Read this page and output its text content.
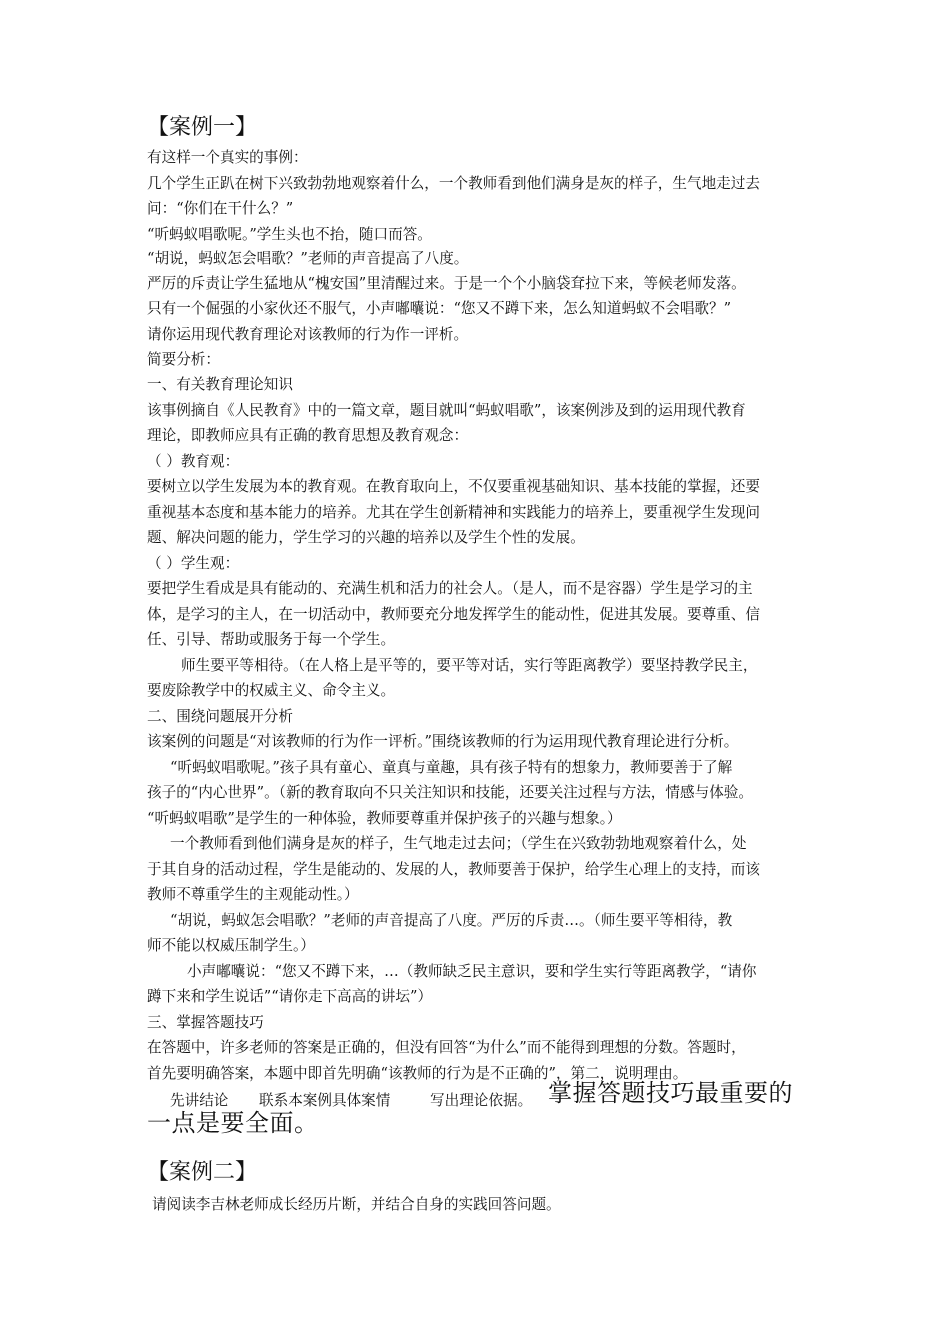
【案例一】
有这样一个真实的事例：
几个学生正趴在树下兴致勃勃地观察着什么，一个教师看到他们满身是灰的样子，生气地走过去
问：“你们在干什么？”
“听蚂蚁唱歌呢。”学生头也不抬，随口而答。
“胡说，蚂蚁怎会唱歌？”老师的声音提高了八度。
严厉的斥责让学生猛地从“槐安国”里清醒过来。于是一个个小脑袋耷拉下来，等候老师发落。
只有一个倔强的小家伙还不服气，小声嘟囔说：“您又不蹲下来，怎么知道蚂蚁不会唱歌？”
请你运用现代教育理论对该教师的行为作一评析。
简要分析：
一、有关教育理论知识
该事例摘自《人民教育》中的一篇文章，题目就叫“蚂蚁唱歌”，该案例涉及到的运用现代教育
理论，即教师应具有正确的教育思想及教育观念：
（ ）教育观：
要树立以学生发展为本的教育观。在教育取向上，不仅要重视基础知识、基本技能的掌握，还要
重视基本态度和基本能力的培养。尤其在学生创新精神和实践能力的培养上，要重视学生发现问
题、解决问题的能力，学生学习的兴趣的培养以及学生个性的发展。
（ ）学生观：
要把学生看成是具有能动的、充满生机和活力的社会人。（是人，而不是容器）学生是学习的主
体，是学习的主人，在一切活动中，教师要充分地发挥学生的能动性，促进其发展。要尊重、信
任、引导、帮助或服务于每一个学生。
师生要平等相待。（在人格上是平等的，要平等对话，实行等距离教学）要坚持教学民主，
要废除教学中的权威主义、命令主义。
二、围绕问题展开分析
该案例的问题是“对该教师的行为作一评析。”围绕该教师的行为运用现代教育理论进行分析。
“听蚂蚁唱歌呢。”孩子具有童心、童真与童趣，具有孩子特有的想象力，教师要善于了解
孩子的“内心世界”。（新的教育取向不只关注知识和技能，还要关注过程与方法，情感与体验。
“听蚂蚁唱歌”是学生的一种体验，教师要尊重并保护孩子的兴趣与想象。）
一个教师看到他们满身是灰的样子，生气地走过去问；（学生在兴致勃勃地观察着什么，处
于其自身的活动过程，学生是能动的、发展的人，教师要善于保护，给学生心理上的支持，而该
教师不尊重学生的主观能动性。）
“胡说，蚂蚁怎会唱歌？”老师的声音提高了八度。严厉的斥责…。（师生要平等相待，教
师不能以权威压制学生。）
小声嘟囔说：“您又不蹲下来，…（教师缺乏民主意识，要和学生实行等距离教学，“请你
蹲下来和学生说话”“请你走下高高的讲坛”）
三、掌握答题技巧
在答题中，许多老师的答案是正确的，但没有回答“为什么”而不能得到理想的分数。答题时，
首先要明确答案，本题中即首先明确“该教师的行为是不正确的”，第二，说明理由。
先讲结论 联系本案例具体案情	写出理论依据。 掌握答题技巧最重要的
一点是要全面。
【案例二】
请阅读李吉林老师成长经历片断，并结合自身的实践回答问题。
